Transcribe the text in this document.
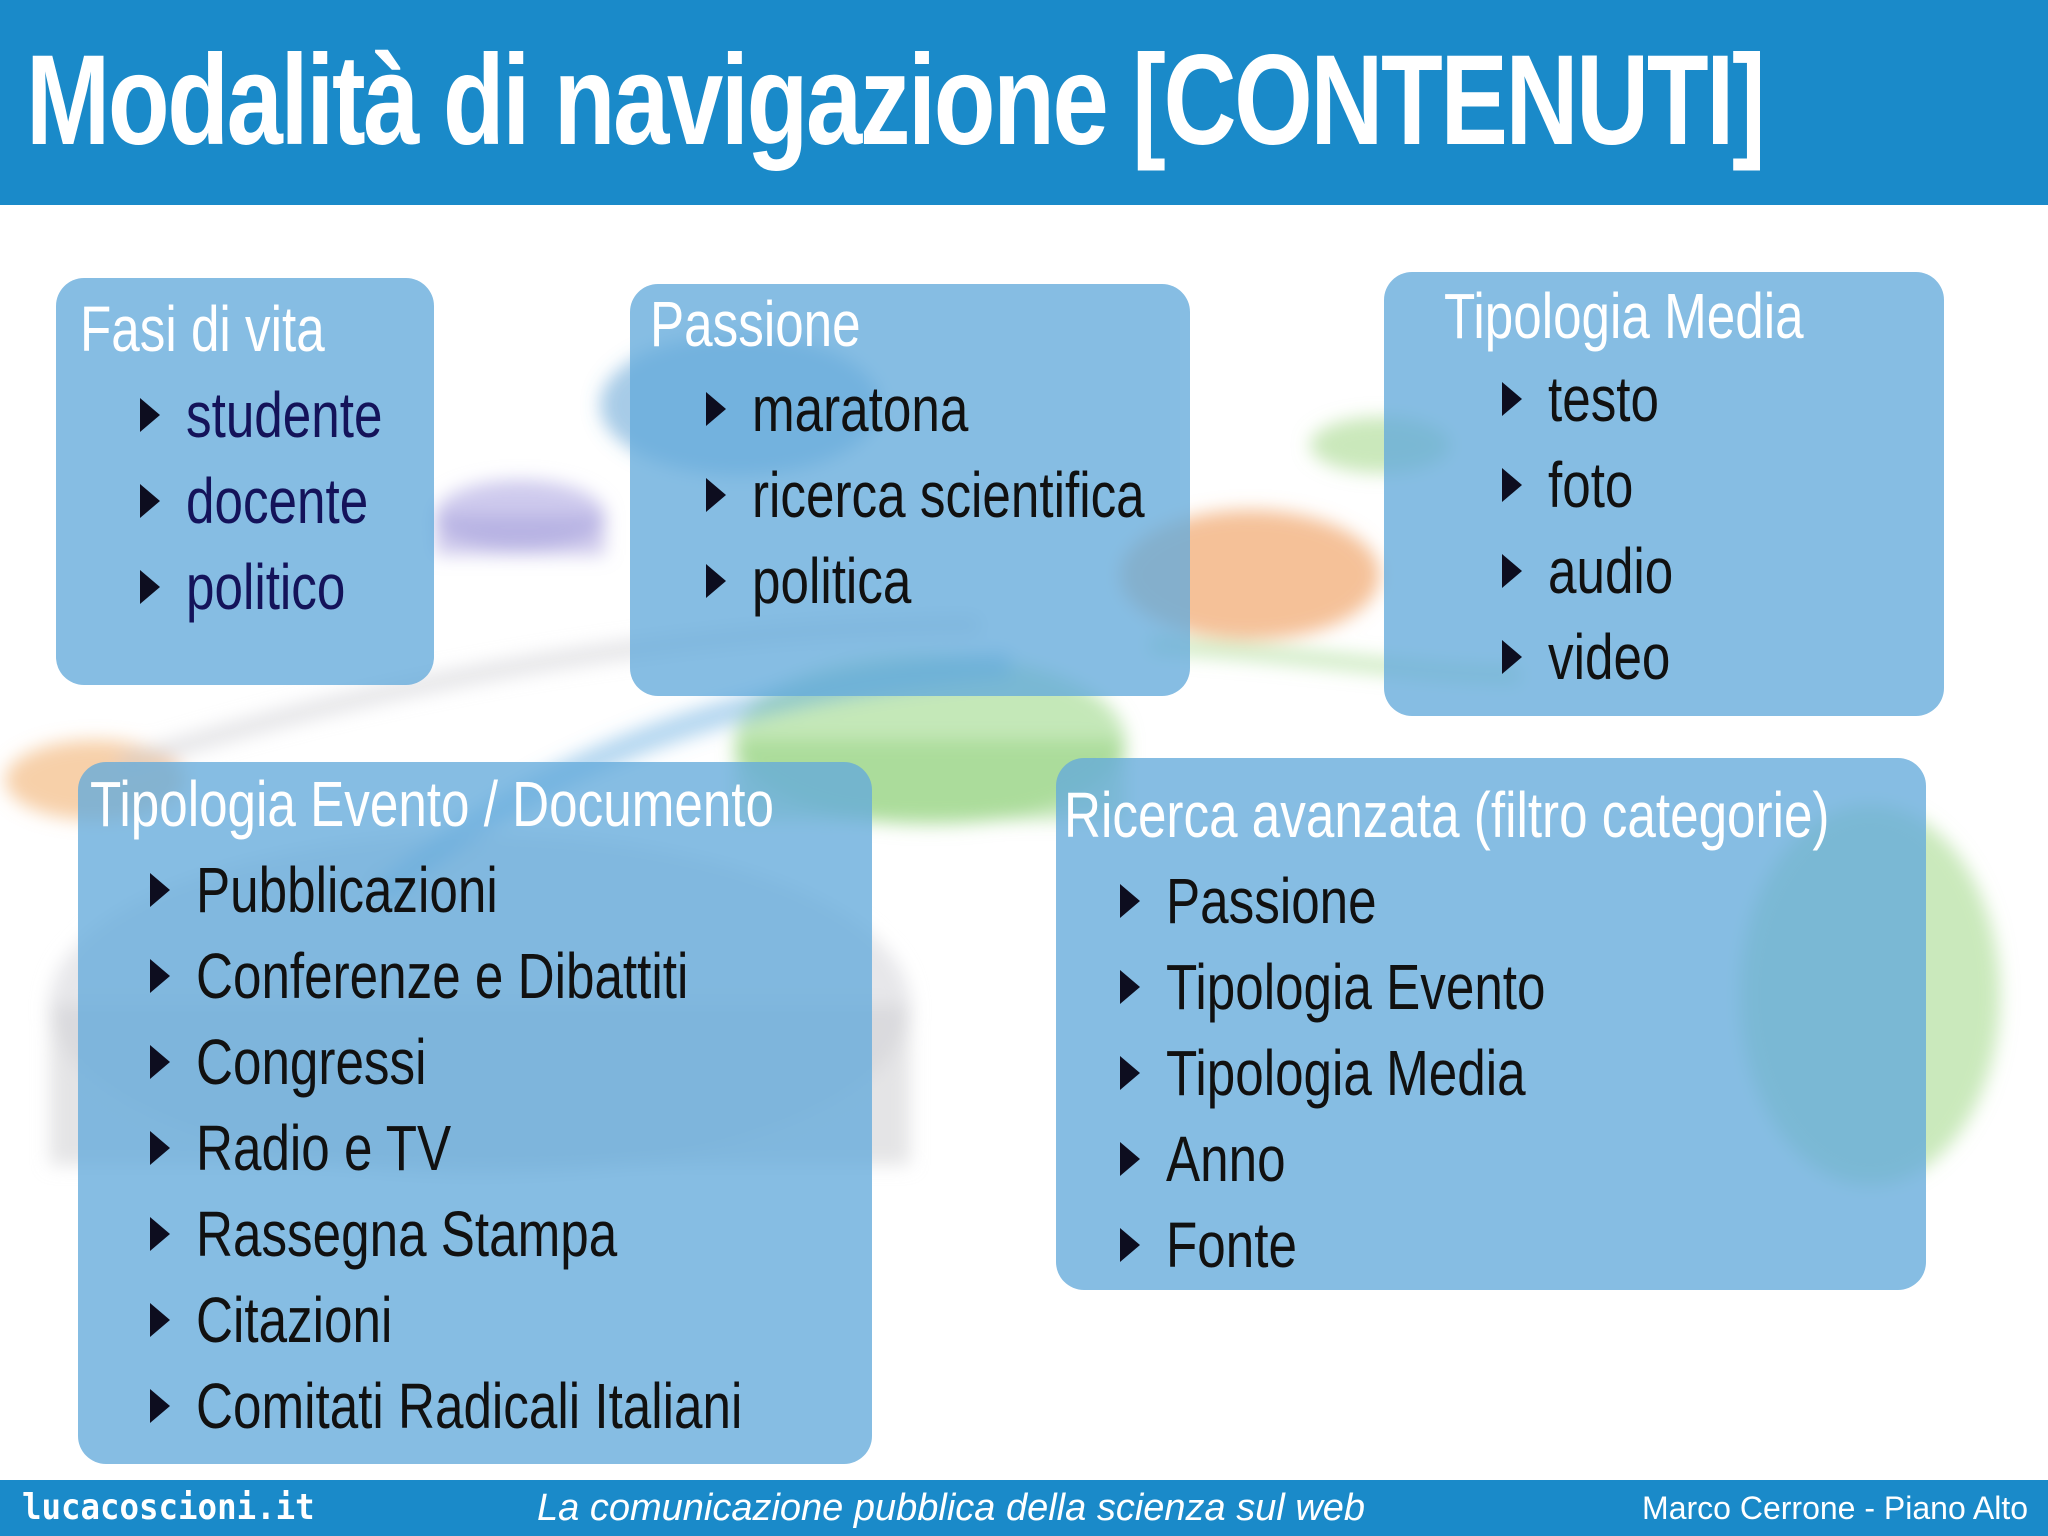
Modalità di navigazione [CONTENUTI]
Fasi di vita
studente
docente
politico
Passione
maratona
ricerca scientifica
politica
Tipologia Media
testo
foto
audio
video
Tipologia Evento / Documento
Pubblicazioni
Conferenze e Dibattiti
Congressi
Radio e TV
Rassegna Stampa
Citazioni
Comitati Radicali Italiani
Ricerca avanzata (filtro categorie)
Passione
Tipologia Evento
Tipologia Media
Anno
Fonte
lucacoscioni.it	La comunicazione pubblica della scienza sul web	Marco Cerrone - Piano Alto
